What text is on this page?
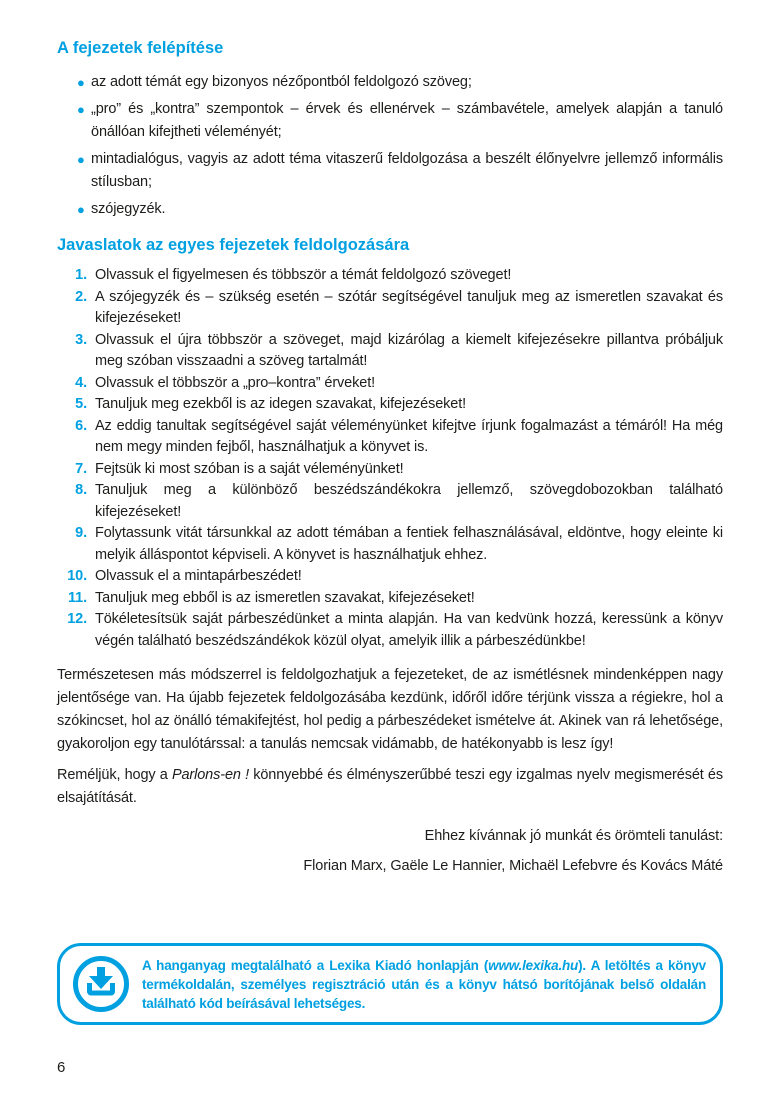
A fejezetek felépítése
● az adott témát egy bizonyos nézőpontból feldolgozó szöveg;
● „pro” és „kontra” szempontok – érvek és ellenérvek – számbavétele, amelyek alapján a tanuló önállóan kifejtheti véleményét;
● mintadialógus, vagyis az adott téma vitaszerű feldolgozása a beszélt élőnyelvre jellemző informális stílusban;
● szójegyzék.
Javaslatok az egyes fejezetek feldolgozására
1. Olvassuk el figyelmesen és többször a témát feldolgozó szöveget!
2. A szójegyzék és – szükség esetén – szótár segítségével tanuljuk meg az ismeretlen szavakat és kifejezéseket!
3. Olvassuk el újra többször a szöveget, majd kizárólag a kiemelt kifejezésekre pillantva próbáljuk meg szóban visszaadni a szöveg tartalmát!
4. Olvassuk el többször a „pro–kontra” érveket!
5. Tanuljuk meg ezekből is az idegen szavakat, kifejezéseket!
6. Az eddig tanultak segítségével saját véleményünket kifejtve írjunk fogalmazást a témáról! Ha még nem megy minden fejből, használhatjuk a könyvet is.
7. Fejtsük ki most szóban is a saját véleményünket!
8. Tanuljuk meg a különböző beszédszándékokra jellemző, szövegdobozokban található kifejezéseket!
9. Folytassunk vitát társunkkal az adott témában a fentiek felhasználásával, eldöntve, hogy eleinte ki melyik álláspontot képviseli. A könyvet is használhatjuk ehhez.
10. Olvassuk el a mintapárbeszédet!
11. Tanuljuk meg ebből is az ismeretlen szavakat, kifejezéseket!
12. Tökéletesítsük saját párbeszédünket a minta alapján. Ha van kedvünk hozzá, keressünk a könyv végén található beszédszándékok közül olyat, amelyik illik a párbeszédünkbe!

Természetesen más módszerrel is feldolgozhatjuk a fejezeteket, de az ismétlésnek mindenképpen nagy jelentősége van. Ha újabb fejezetek feldolgozásába kezdünk, időről időre térjünk vissza a régiekre, hol a szókincset, hol az önálló témakifejtést, hol pedig a párbeszédeket ismételve át. Akinek van rá lehetősége, gyakoroljon egy tanulótárssal: a tanulás nemcsak vidámabb, de hatékonyabb is lesz így!

Reméljük, hogy a Parlons-en ! könnyebbé és élményszerűbbé teszi egy izgalmas nyelv megismerését és elsajátítását.

Ehhez kívánnak jó munkát és örömteli tanulást:
Florian Marx, Gaële Le Hannier, Michaël Lefebvre és Kovács Máté
A hanganyag megtalálható a Lexika Kiadó honlapján (www.lexika.hu). A letöltés a könyv termékoldalán, személyes regisztráció után és a könyv hátsó borítójának belső oldalán található kód beírásával lehetséges.
6
